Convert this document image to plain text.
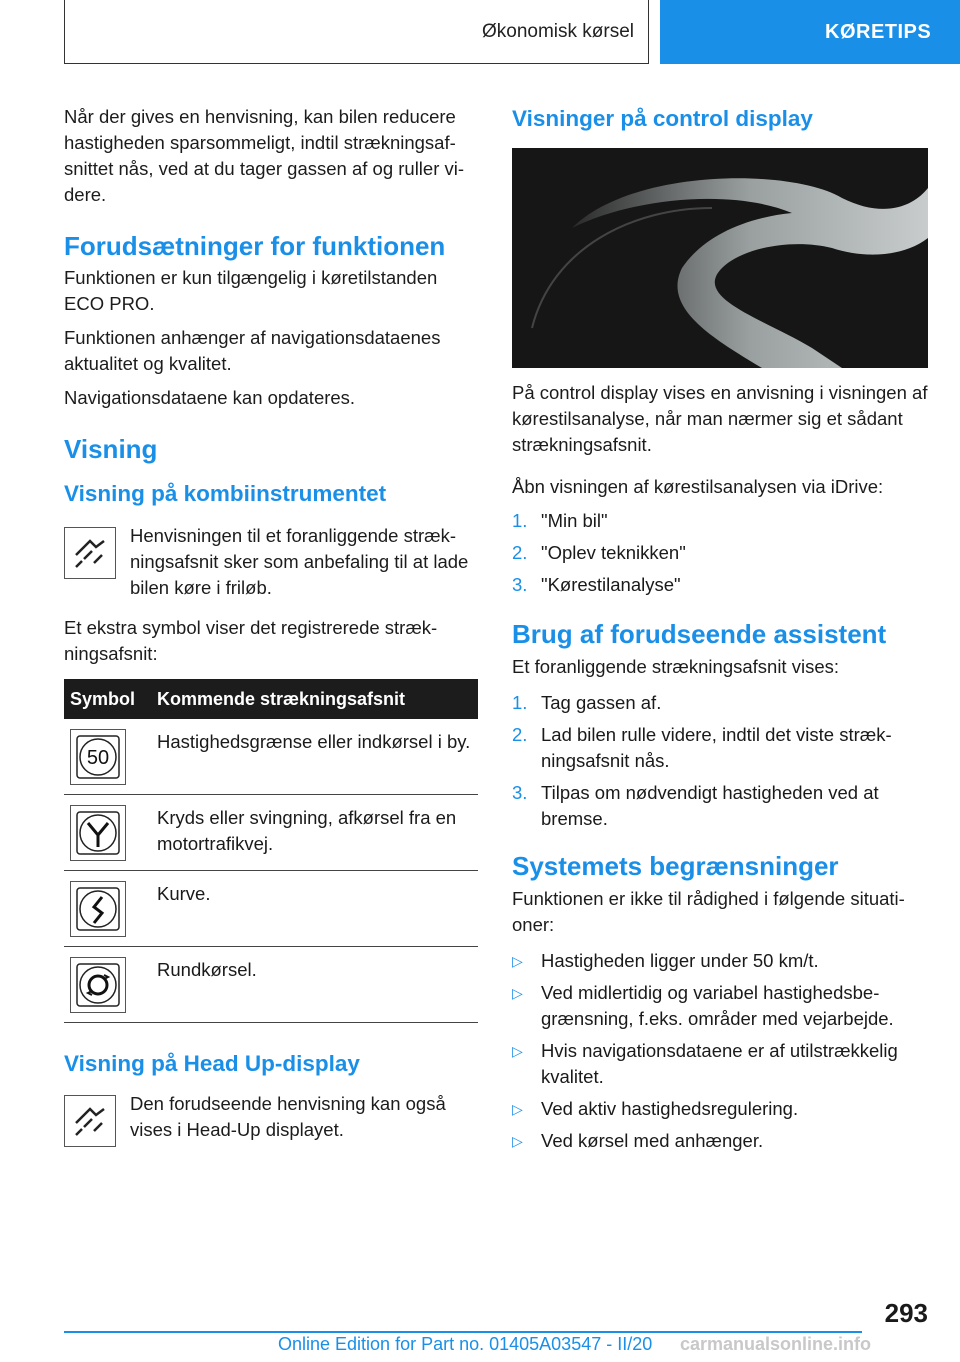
Økonomisk kørsel	KØRETIPS

Når der gives en henvisning, kan bilen reducere hastigheden sparsommeligt, indtil strækningsafsnittet nås, ved at du tager gassen af og ruller videre.

Forudsætninger for funktionen

Funktionen er kun tilgængelig i køretilstanden ECO PRO.

Funktionen anhænger af navigationsdataenes aktualitet og kvalitet.

Navigationsdataene kan opdateres.

Visning
Visning på kombiinstrumentet

Henvisningen til et foranliggende strækningsafsnit sker som anbefaling til at lade bilen køre i friløb.

Et ekstra symbol viser det registrerede strækningsafsnit:

Symbol	Kommende strækningsafsnit

50	Hastighedsgrænse eller indkørsel i by.

	Kryds eller svingning, afkørsel fra en motortrafikvej.

	Kurve.

	Rundkørsel.
Visning på Head Up-display

Den forudseende henvisning kan også vises i Head-Up displayet.

Visninger på control display

På control display vises en anvisning i visningen af kørestilsanalyse, når man nærmer sig et sådant strækningsafsnit.

Åbn visningen af kørestilsanalysen via iDrive:

1. "Min bil"
2. "Oplev teknikken"
3. "Kørestilanalyse"
Brug af forudseende assistent

Et foranliggende strækningsafsnit vises:

1. Tag gassen af.
2. Lad bilen rulle videre, indtil det viste strækningsafsnit nås.
3. Tilpas om nødvendigt hastigheden ved at bremse.
Systemets begrænsninger

Funktionen er ikke til rådighed i følgende situationer:

▷ Hastigheden ligger under 50 km/t.
▷ Ved midlertidig og variabel hastighedsbegrænsning, f.eks. områder med vejarbejde.
▷ Hvis navigationsdataene er af utilstrækkelig kvalitet.
▷ Ved aktiv hastighedsregulering.
▷ Ved kørsel med anhænger.
293
Online Edition for Part no. 01405A03547 - II/20 carmanualsonline.info
